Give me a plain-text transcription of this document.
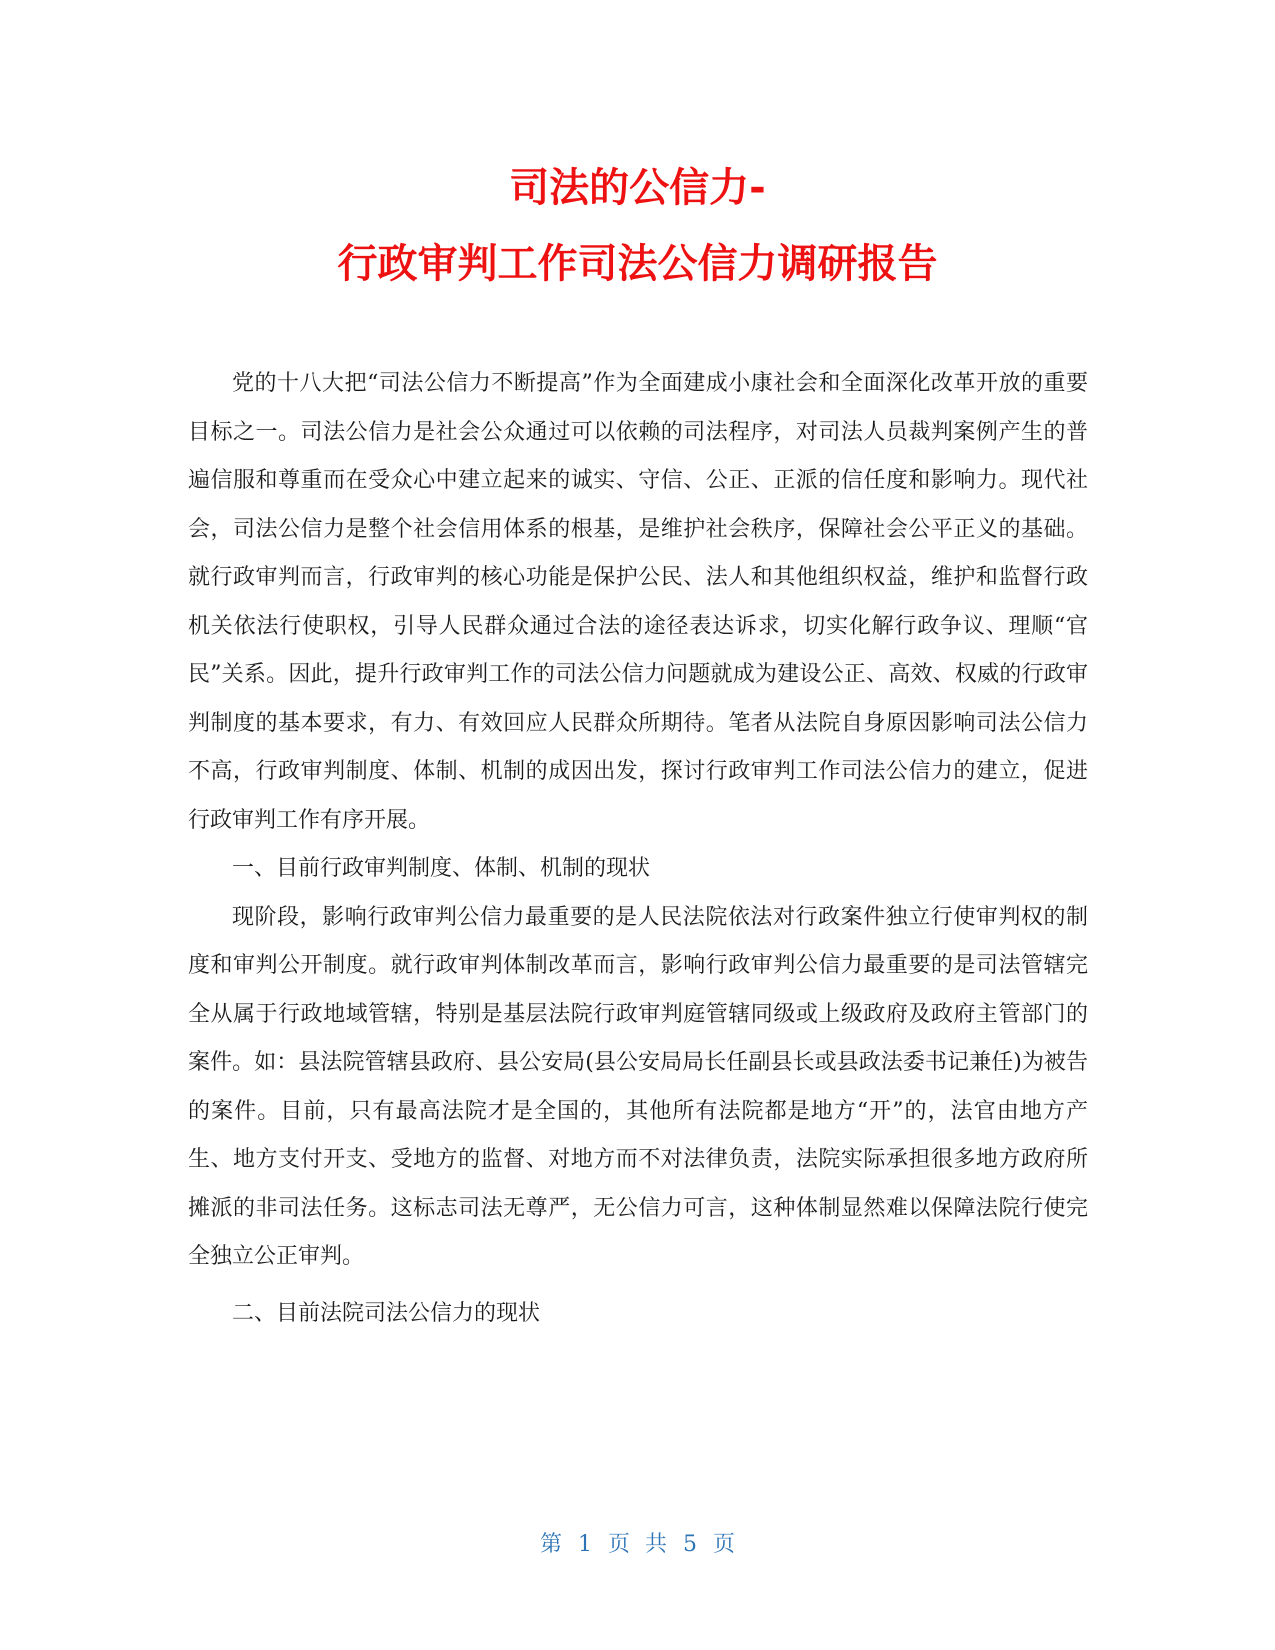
司法的公信力-
行政审判工作司法公信力调研报告

党的十八大把“司法公信力不断提高”作为全面建成小康社会和全面深化改革开放的重要目标之一。司法公信力是社会公众通过可以依赖的司法程序，对司法人员裁判案例产生的普遍信服和尊重而在受众心中建立起来的诚实、守信、公正、正派的信任度和影响力。现代社会，司法公信力是整个社会信用体系的根基，是维护社会秩序，保障社会公平正义的基础。就行政审判而言，行政审判的核心功能是保护公民、法人和其他组织权益，维护和监督行政机关依法行使职权，引导人民群众通过合法的途径表达诉求，切实化解行政争议、理顺“官民”关系。因此，提升行政审判工作的司法公信力问题就成为建设公正、高效、权威的行政审判制度的基本要求，有力、有效回应人民群众所期待。笔者从法院自身原因影响司法公信力不高，行政审判制度、体制、机制的成因出发，探讨行政审判工作司法公信力的建立，促进行政审判工作有序开展。

一、目前行政审判制度、体制、机制的现状

现阶段，影响行政审判公信力最重要的是人民法院依法对行政案件独立行使审判权的制度和审判公开制度。就行政审判体制改革而言，影响行政审判公信力最重要的是司法管辖完全从属于行政地域管辖，特别是基层法院行政审判庭管辖同级或上级政府及政府主管部门的案件。如：县法院管辖县政府、县公安局(县公安局局长任副县长或县政法委书记兼任)为被告的案件。目前，只有最高法院才是全国的，其他所有法院都是地方“开”的，法官由地方产生、地方支付开支、受地方的监督、对地方而不对法律负责，法院实际承担很多地方政府所摊派的非司法任务。这标志司法无尊严，无公信力可言，这种体制显然难以保障法院行使完全独立公正审判。

二、目前法院司法公信力的现状

第 1 页 共 5 页
